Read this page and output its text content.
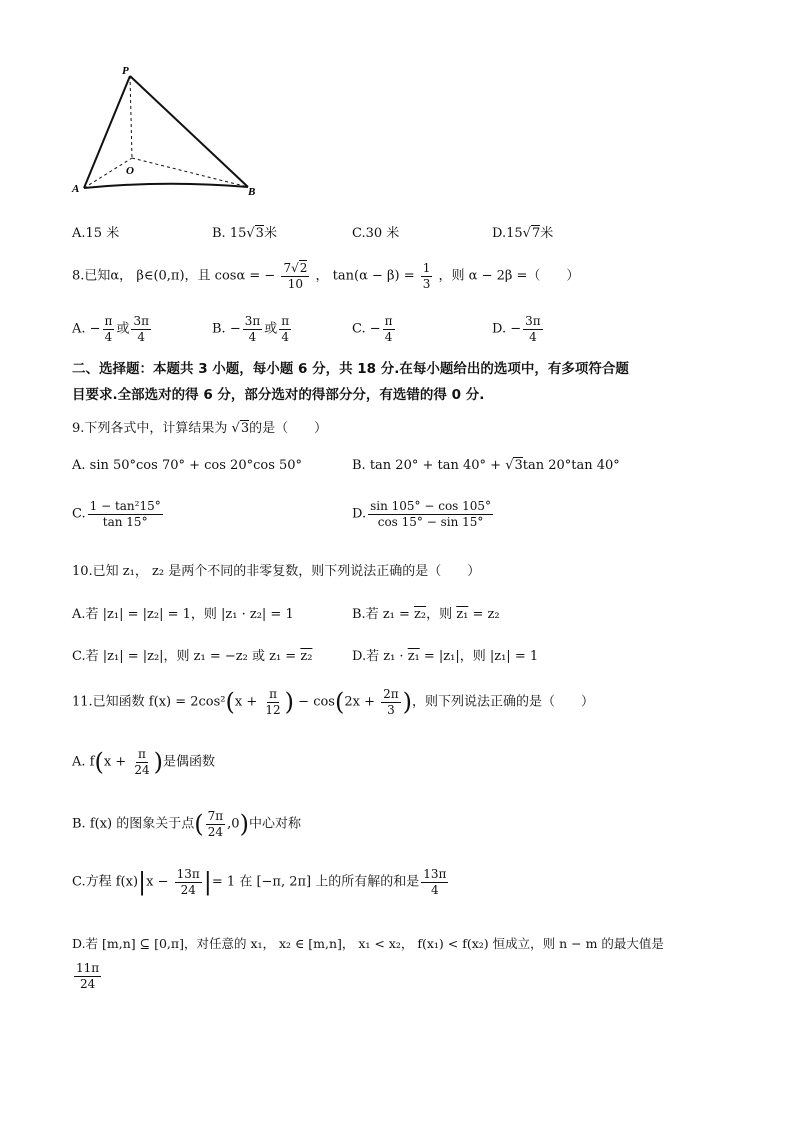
P
O
A	B
A.15 米	B. 15√3米	C.30 米	D.15√7米
8.已知α， β∈(0,π)，且 cosα = − $\frac{7√2}{10}$ ， $\tan(\alpha - \beta) = \frac{1}{3}$ ，则 α − 2β =（　　）
A. − $\frac{\pi}{4}$ 或 $\frac{3\pi}{4}$	B. − $\frac{3\pi}{4}$ 或 $\frac{\pi}{4}$	C. − $\frac{\pi}{4}$	D. − $\frac{3\pi}{4}$
二、选择题：本题共 3 小题，每小题 6 分，共 18 分.在每小题给出的选项中，有多项符合题
目要求.全部选对的得 6 分，部分选对的得部分分，有选错的得 0 分.
9.下列各式中，计算结果为 √3的是（　　）
A. sin 50°cos 70° + cos 20°cos 50°	B. tan 20° + tan 40° + √3tan 20°tan 40°
C. $\frac{\text{1 − tan²15°}}{\tan 15^\circ}$	D. $\frac{\sin 105^\circ - \cos 105^\circ}{\cos 15^\circ - \sin 15^\circ}$
10.已知 z₁， z₂ 是两个不同的非零复数，则下列说法正确的是（　　）
A.若 |z₁| = |z₂| = 1，则 |z₁ · z₂| = 1	B.若 z₁ = z₂，则 z₁ = z₂
C.若 |z₁| = |z₂|，则 z₁ = −z₂ 或 z₁ = z₂	D.若 z₁ · z₁ = |z₁|，则 |z₁| = 1
11.已知函数 $f(x) = 2\cos^2(x + \frac{\pi}{12}$ ) − $\cos(2x + \frac{2\pi}{3}$ )，则下列说法正确的是（　　）
A. $f(x + \frac{\pi}{24}$ )是偶函数
B. f(x) 的图象关于点( $\frac{7\pi}{24} ,0$)中心对称
C.方程 $f(x)|x - \frac{13\pi}{24}$ |= 1 在 [−π, 2π] 上的所有解的和是 $\frac{13\pi}{4}$
D.若 [m,n] ⊆ [0,π]，对任意的 x₁， x₂ ∈ [m,n]， x₁ < x₂， f(x₁) < f(x₂) 恒成立，则 n − m 的最大值是
$\frac{11\pi}{24}$
